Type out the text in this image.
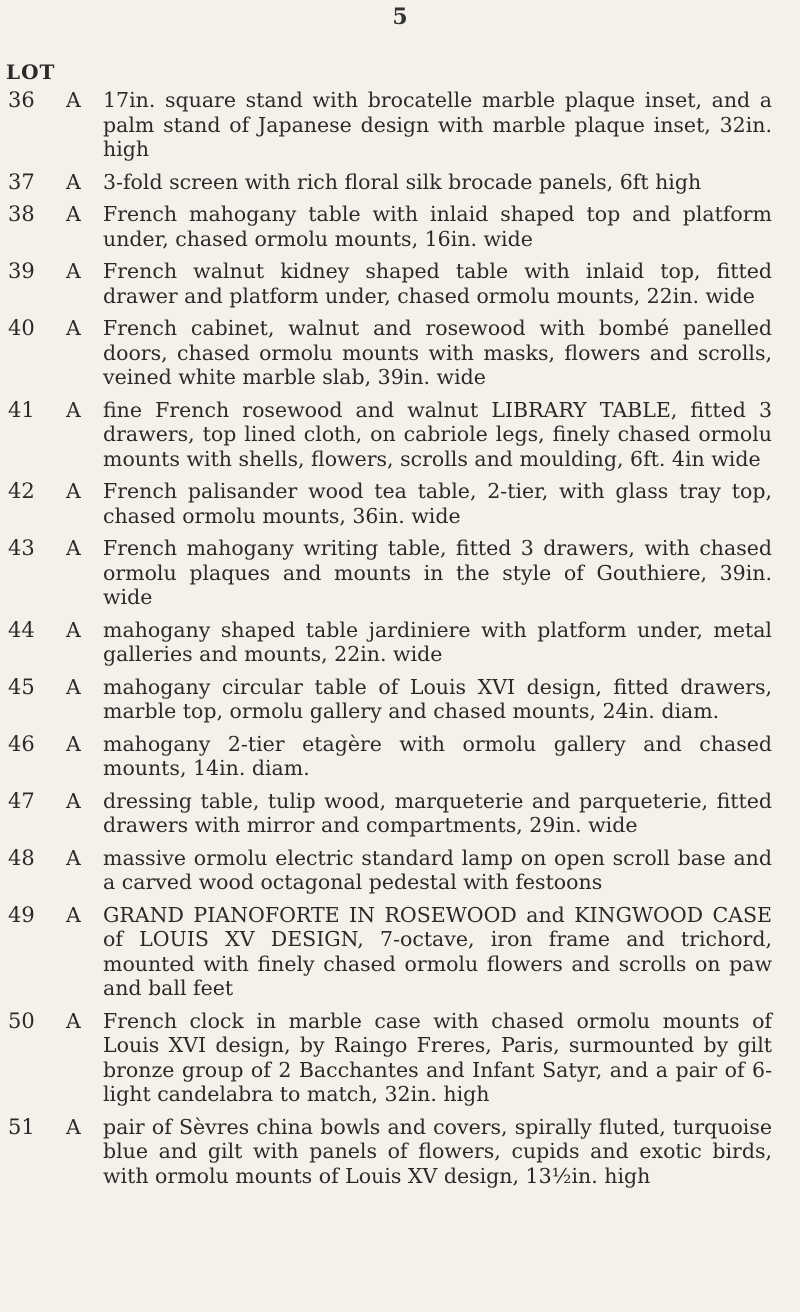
5
LOT
36	A 17in. square stand with brocatelle marble plaque inset, and a palm stand of Japanese design with marble plaque inset, 32in. high
37	A 3-fold screen with rich floral silk brocade panels, 6ft high
38	A French mahogany table with inlaid shaped top and platform under, chased ormolu mounts, 16in. wide
39	A French walnut kidney shaped table with inlaid top, fitted drawer and platform under, chased ormolu mounts, 22in. wide
40	A French cabinet, walnut and rosewood with bombé panelled doors, chased ormolu mounts with masks, flowers and scrolls, veined white marble slab, 39in. wide
41	A fine French rosewood and walnut LIBRARY TABLE, fitted 3 drawers, top lined cloth, on cabriole legs, finely chased ormolu mounts with shells, flowers, scrolls and moulding, 6ft. 4in wide
42	A French palisander wood tea table, 2-tier, with glass tray top, chased ormolu mounts, 36in. wide
43	A French mahogany writing table, fitted 3 drawers, with chased ormolu plaques and mounts in the style of Gouthiere, 39in. wide
44	A mahogany shaped table jardiniere with platform under, metal galleries and mounts, 22in. wide
45	A mahogany circular table of Louis XVI design, fitted drawers, marble top, ormolu gallery and chased mounts, 24in. diam.
46	A mahogany 2-tier etagère with ormolu gallery and chased mounts, 14in. diam.
47	A dressing table, tulip wood, marqueterie and parqueterie, fitted drawers with mirror and compartments, 29in. wide
48	A massive ormolu electric standard lamp on open scroll base and a carved wood octagonal pedestal with festoons
49	A GRAND PIANOFORTE IN ROSEWOOD and KINGWOOD CASE of LOUIS XV DESIGN, 7-octave, iron frame and trichord, mounted with finely chased ormolu flowers and scrolls on paw and ball feet
50	A French clock in marble case with chased ormolu mounts of Louis XVI design, by Raingo Freres, Paris, surmounted by gilt bronze group of 2 Bacchantes and Infant Satyr, and a pair of 6-light candelabra to match, 32in. high
51	A pair of Sèvres china bowls and covers, spirally fluted, turquoise blue and gilt with panels of flowers, cupids and exotic birds, with ormolu mounts of Louis XV design, 13½in. high
